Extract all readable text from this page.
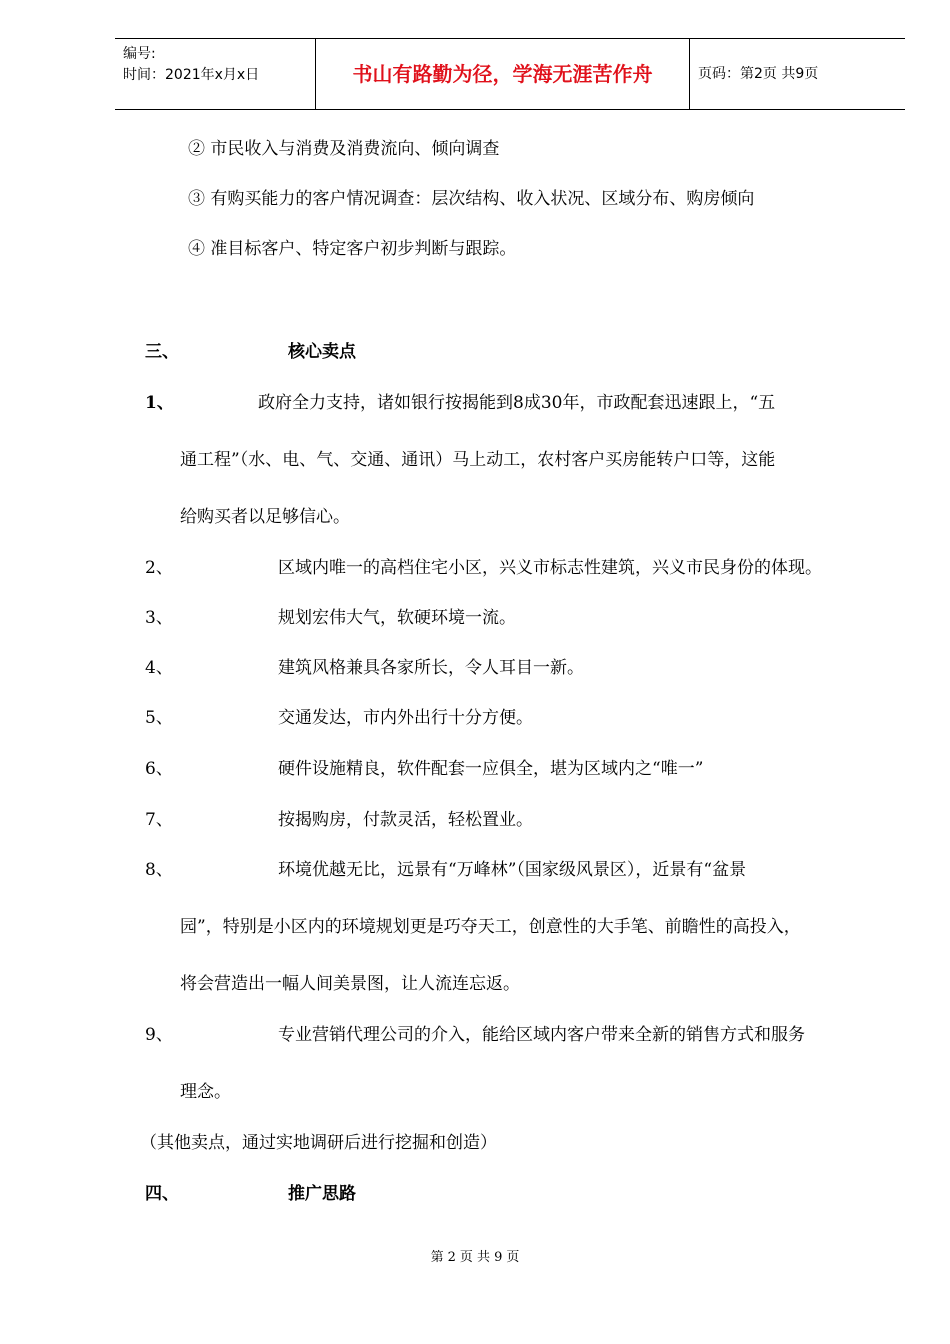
编号:
时间：2021年x月x日	书山有路勤为径，学海无涯苦作舟	页码：第2页 共9页
② 市民收入与消费及消费流向、倾向调查
③ 有购买能力的客户情况调查：层次结构、收入状况、区域分布、购房倾向
④ 准目标客户、特定客户初步判断与跟踪。
三、	核心卖点
1、	政府全力支持，诸如银行按揭能到8成30年，市政配套迅速跟上，“五
通工程”（水、电、气、交通、通讯）马上动工，农村客户买房能转户口等，这能
给购买者以足够信心。
2、	区域内唯一的高档住宅小区，兴义市标志性建筑，兴义市民身份的体现。
3、	规划宏伟大气，软硬环境一流。
4、	建筑风格兼具各家所长，令人耳目一新。
5、	交通发达，市内外出行十分方便。
6、	硬件设施精良，软件配套一应俱全，堪为区域内之“唯一”
7、	按揭购房，付款灵活，轻松置业。
8、	环境优越无比，远景有“万峰林”（国家级风景区），近景有“盆景
园”，特别是小区内的环境规划更是巧夺天工，创意性的大手笔、前瞻性的高投入，
将会营造出一幅人间美景图，让人流连忘返。
9、	专业营销代理公司的介入，能给区域内客户带来全新的销售方式和服务
理念。
（其他卖点，通过实地调研后进行挖掘和创造）
四、	推广思路
第 2 页 共 9 页
